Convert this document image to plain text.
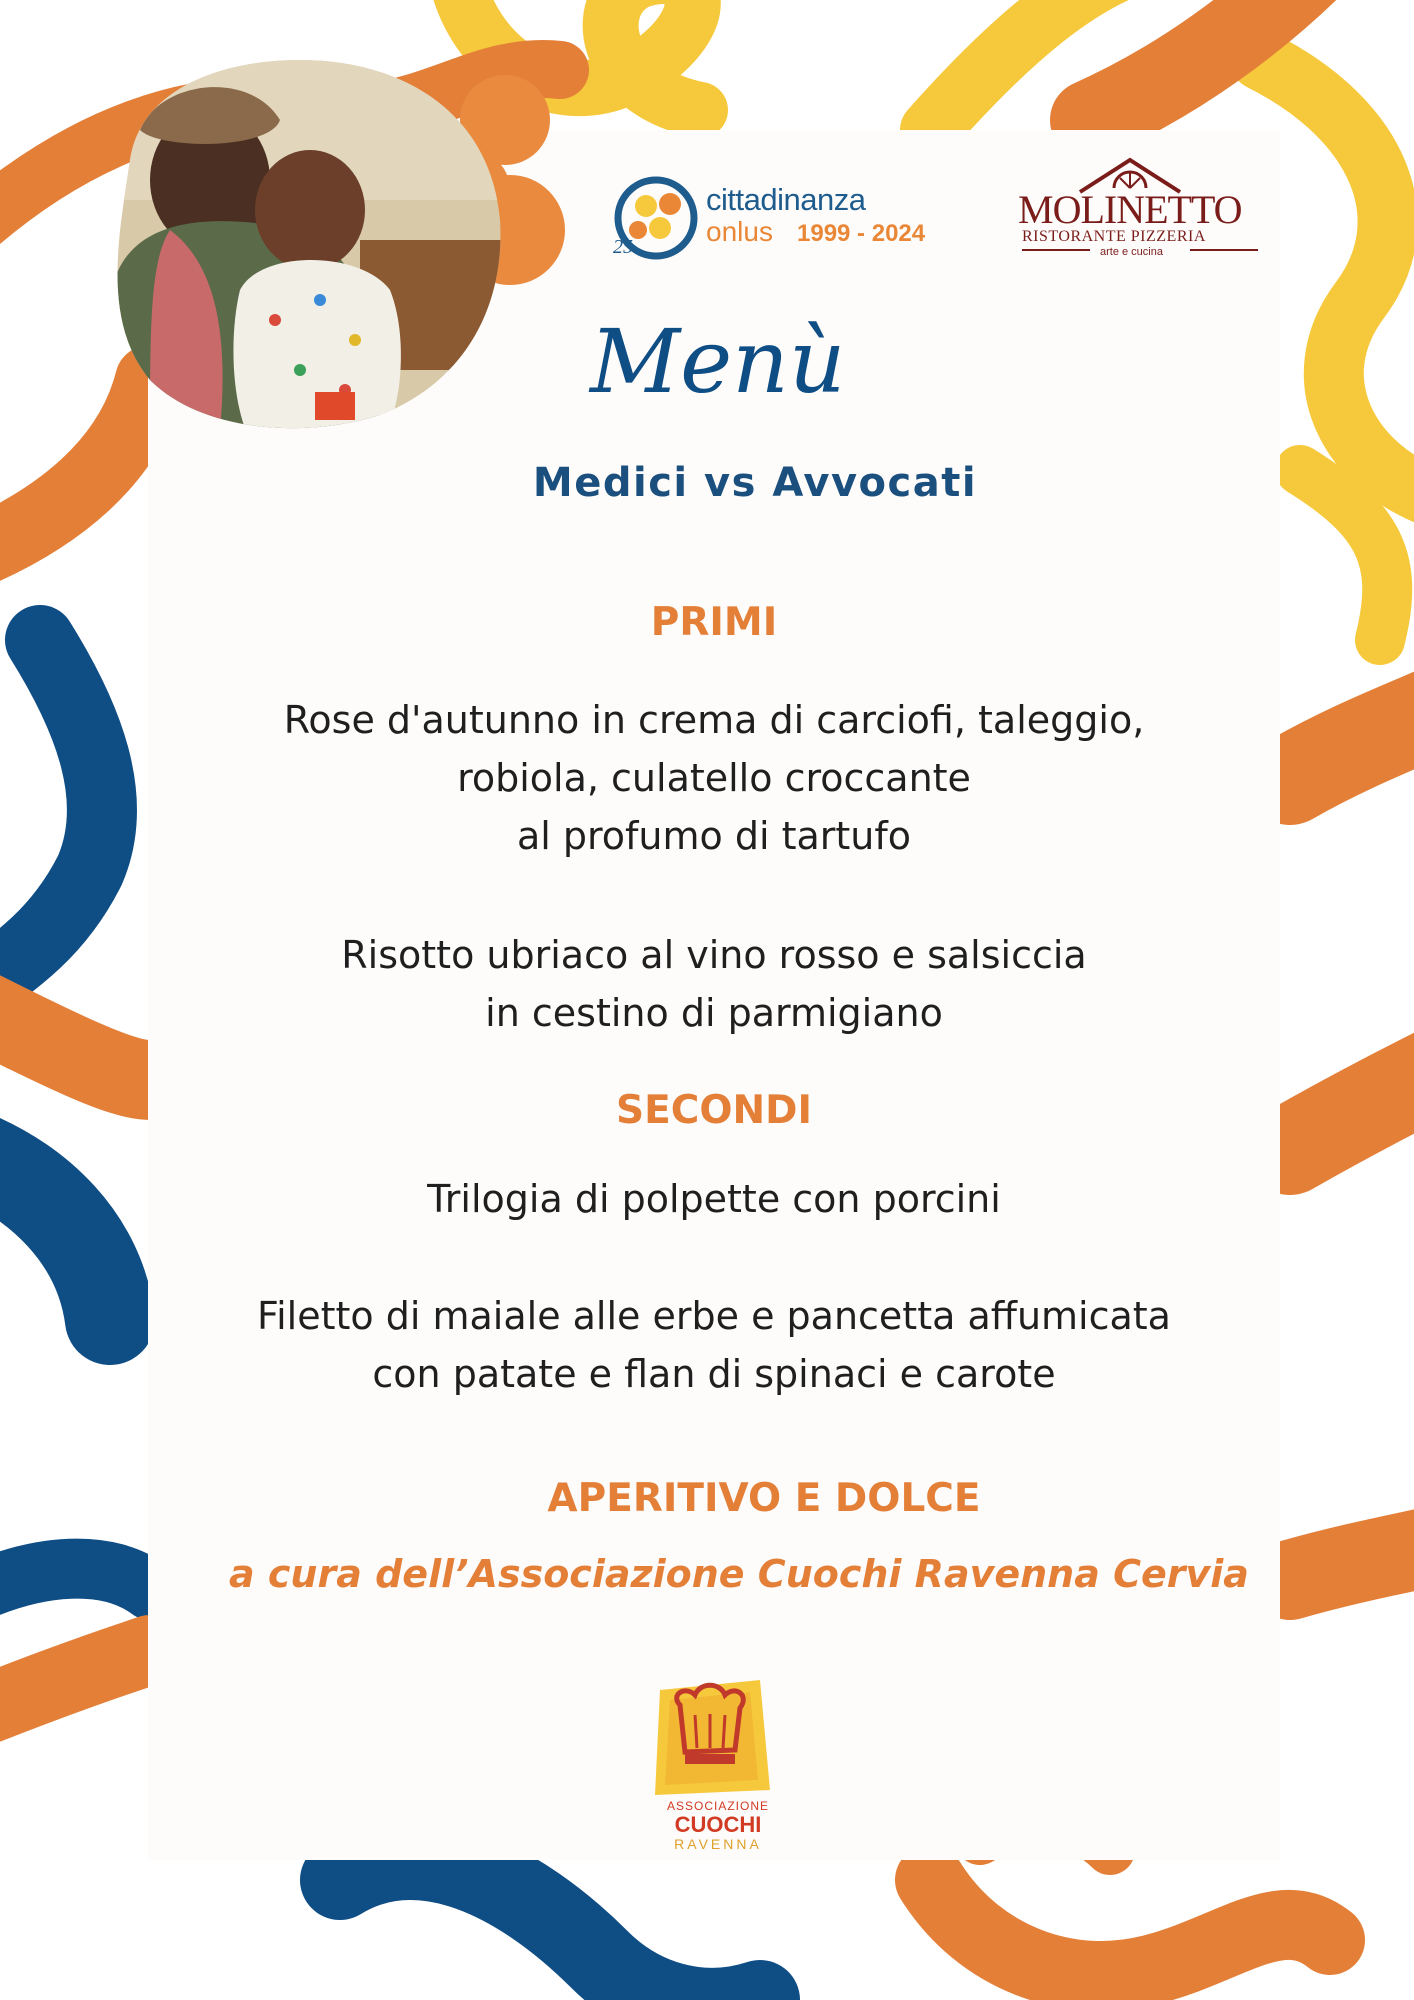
25
cittadinanza
onlus 1999 - 2024
MOLINETTO
RISTORANTE PIZZERIA
arte e cucina
Menù
Medici vs Avvocati
PRIMI
Rose d'autunno in crema di carciofi, taleggio,
robiola, culatello croccante
al profumo di tartufo
Risotto ubriaco al vino rosso e salsiccia
in cestino di parmigiano
SECONDI
Trilogia di polpette con porcini
Filetto di maiale alle erbe e pancetta affumicata
con patate e flan di spinaci e carote
APERITIVO E DOLCE
a cura dell’Associazione Cuochi Ravenna Cervia
ASSOCIAZIONE
CUOCHI
RAVENNA
